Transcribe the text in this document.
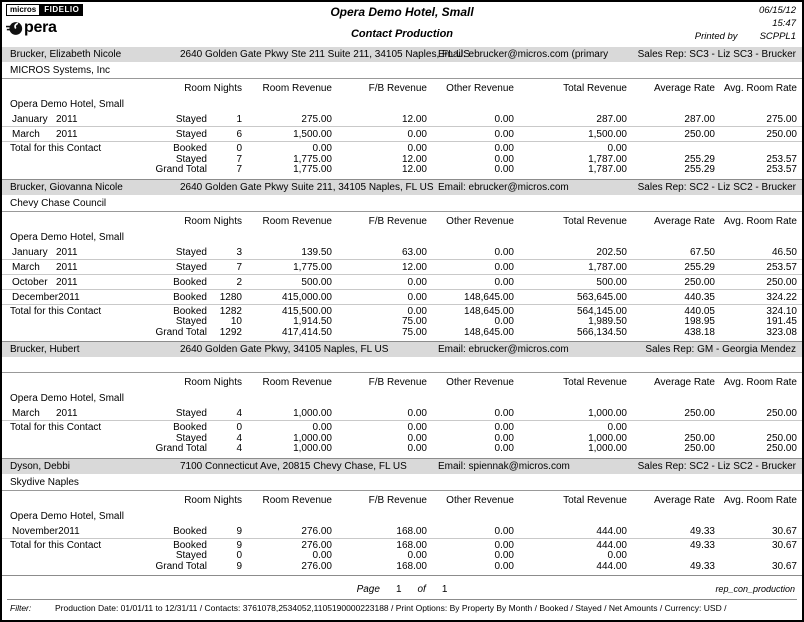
micros	FIDELIO
pera
Opera Demo Hotel, Small
Contact Production
06/15/12
15:47
Printed by SCPPL1
Brucker, Elizabeth Nicole	2640 Golden Gate Pkwy Ste 211 Suite 211, 34105 Naples, FL US
Email: ebrucker@micros.com (primary	Sales Rep: SC3 - Liz SC3 - Brucker
MICROS Systems, Inc
Room Nights	Room Revenue	F/B Revenue	Other Revenue	Total Revenue	Average Rate Avg. Room Rate
Opera Demo Hotel, Small
January 2011	Stayed	1	275.00	12.00	0.00	287.00	287.00	275.00
March 2011	Stayed	6	1,500.00	0.00	0.00	1,500.00	250.00	250.00
Total for this Contact	Booked	0	0.00	0.00	0.00	0.00
Stayed	7	1,775.00	12.00	0.00	1,787.00	255.29	253.57
Grand Total	7	1,775.00	12.00	0.00	1,787.00	255.29	253.57
Brucker, Giovanna Nicole	2640 Golden Gate Pkwy Suite 211, 34105 Naples, FL US Email: ebrucker@micros.com	Sales Rep: SC2 - Liz SC2 - Brucker
Chevy Chase Council
Room Nights	Room Revenue	F/B Revenue	Other Revenue	Total Revenue	Average Rate Avg. Room Rate
Opera Demo Hotel, Small
January 2011	Stayed	3	139.50	63.00	0.00	202.50	67.50	46.50
March 2011	Stayed	7	1,775.00	12.00	0.00	1,787.00	255.29	253.57
October 2011	Booked	2	500.00	0.00	0.00	500.00	250.00	250.00
December2011	Booked	1280	415,000.00	0.00	148,645.00	563,645.00	440.35	324.22
Total for this Contact	Booked	1282	415,500.00	0.00	148,645.00	564,145.00	440.05	324.10
Stayed	10	1,914.50	75.00	0.00	1,989.50	198.95	191.45
Grand Total	1292	417,414.50	75.00	148,645.00	566,134.50	438.18	323.08
Brucker, Hubert	2640 Golden Gate Pkwy, 34105 Naples, FL US	Email: ebrucker@micros.com	Sales Rep: GM - Georgia Mendez
Room Nights	Room Revenue	F/B Revenue	Other Revenue	Total Revenue	Average Rate Avg. Room Rate
Opera Demo Hotel, Small
March 2011	Stayed	4	1,000.00	0.00	0.00	1,000.00	250.00	250.00
Total for this Contact	Booked	0	0.00	0.00	0.00	0.00
Stayed	4	1,000.00	0.00	0.00	1,000.00	250.00	250.00
Grand Total	4	1,000.00	0.00	0.00	1,000.00	250.00	250.00
Dyson, Debbi	7100 Connecticut Ave, 20815 Chevy Chase, FL US	Email: spiennak@micros.com	Sales Rep: SC2 - Liz SC2 - Brucker
Skydive Naples
Room Nights	Room Revenue	F/B Revenue	Other Revenue	Total Revenue	Average Rate Avg. Room Rate
Opera Demo Hotel, Small
November2011	Booked	9	276.00	168.00	0.00	444.00	49.33	30.67
Total for this Contact	Booked	9	276.00	168.00	0.00	444.00	49.33	30.67
Stayed	0	0.00	0.00	0.00	0.00
Grand Total	9	276.00	168.00	0.00	444.00	49.33	30.67
Page 1 of 1	rep_con_production
Filter:	Production Date: 01/01/11 to 12/31/11 / Contacts: 3761078,2534052,1105190000223188 / Print Options: By Property By Month / Booked / Stayed / Net Amounts / Currency: USD /
